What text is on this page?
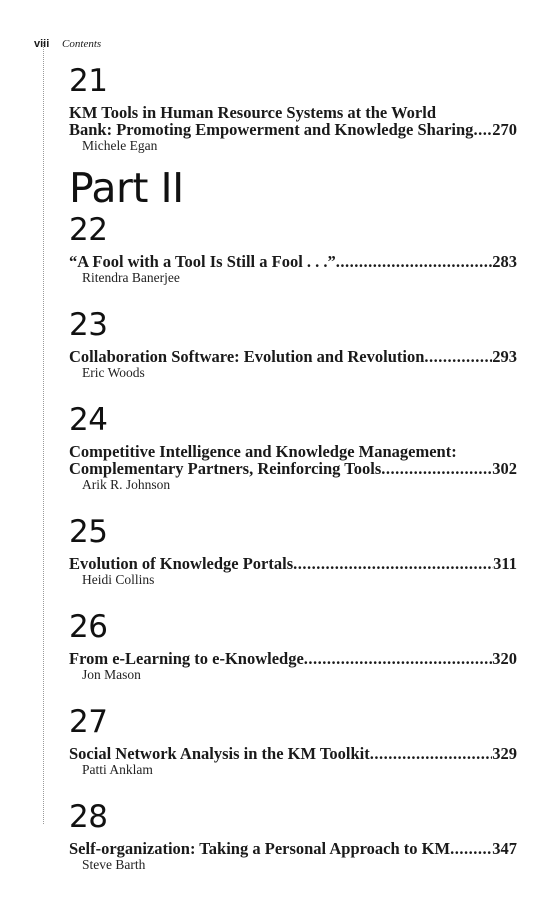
viii Contents
21
KM Tools in Human Resource Systems at the World
Bank: Promoting Empowerment and Knowledge Sharing ..... 270
Michele Egan
Part II
22
“A Fool with a Tool Is Still a Fool . . .” .....	283
Ritendra Banerjee
23
Collaboration Software: Evolution and Revolution .....	293
Eric Woods
24
Competitive Intelligence and Knowledge Management:
Complementary Partners, Reinforcing Tools .....	302
Arik R. Johnson
25
Evolution of Knowledge Portals .....	311
Heidi Collins
26
From e-Learning to e-Knowledge .....	320
Jon Mason
27
Social Network Analysis in the KM Toolkit .....	329
Patti Anklam
28
Self-organization: Taking a Personal Approach to KM .....	347
Steve Barth
